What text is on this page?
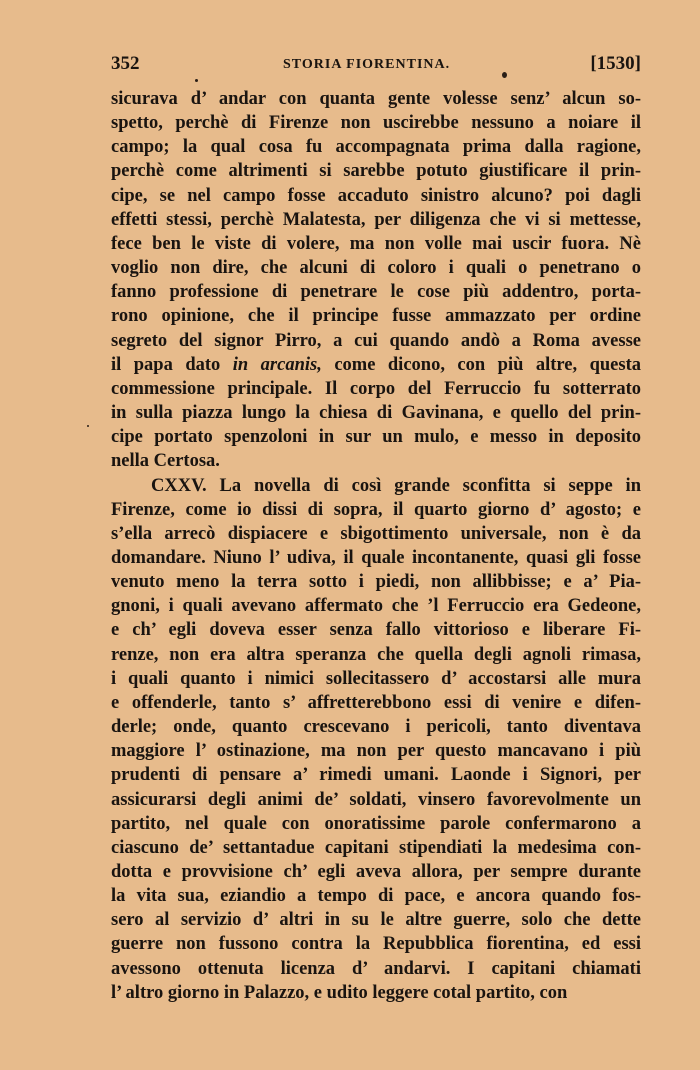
352	STORIA FIORENTINA.	[1530]
sicurava d’ andar con quanta gente volesse senz’ alcun so-
spetto, perchè di Firenze non uscirebbe nessuno a noiare il
campo; la qual cosa fu accompagnata prima dalla ragione,
perchè come altrimenti si sarebbe potuto giustificare il prin-
cipe, se nel campo fosse accaduto sinistro alcuno? poi dagli
effetti stessi, perchè Malatesta, per diligenza che vi si mettesse,
fece ben le viste di volere, ma non volle mai uscir fuora. Nè
voglio non dire, che alcuni di coloro i quali o penetrano o
fanno professione di penetrare le cose più addentro, porta-
rono opinione, che il principe fusse ammazzato per ordine
segreto del signor Pirro, a cui quando andò a Roma avesse
il papa dato in arcanis, come dicono, con più altre, questa
commessione principale. Il corpo del Ferruccio fu sotterrato
in sulla piazza lungo la chiesa di Gavinana, e quello del prin-
cipe portato spenzoloni in sur un mulo, e messo in deposito
nella Certosa.
CXXV. La novella di così grande sconfitta si seppe in
Firenze, come io dissi di sopra, il quarto giorno d’ agosto; e
s’ella arrecò dispiacere e sbigottimento universale, non è da
domandare. Niuno l’ udiva, il quale incontanente, quasi gli fosse
venuto meno la terra sotto i piedi, non allibbisse; e a’ Pia-
gnoni, i quali avevano affermato che ’l Ferruccio era Gedeone,
e ch’ egli doveva esser senza fallo vittorioso e liberare Fi-
renze, non era altra speranza che quella degli agnoli rimasa,
i quali quanto i nimici sollecitassero d’ accostarsi alle mura
e offenderle, tanto s’ affretterebbono essi di venire e difen-
derle; onde, quanto crescevano i pericoli, tanto diventava
maggiore l’ ostinazione, ma non per questo mancavano i più
prudenti di pensare a’ rimedi umani. Laonde i Signori, per
assicurarsi degli animi de’ soldati, vinsero favorevolmente un
partito, nel quale con onoratissime parole confermarono a
ciascuno de’ settantadue capitani stipendiati la medesima con-
dotta e provvisione ch’ egli aveva allora, per sempre durante
la vita sua, eziandio a tempo di pace, e ancora quando fos-
sero al servizio d’ altri in su le altre guerre, solo che dette
guerre non fussono contra la Repubblica fiorentina, ed essi
avessono ottenuta licenza d’ andarvi. I capitani chiamati
l’ altro giorno in Palazzo, e udito leggere cotal partito, con
